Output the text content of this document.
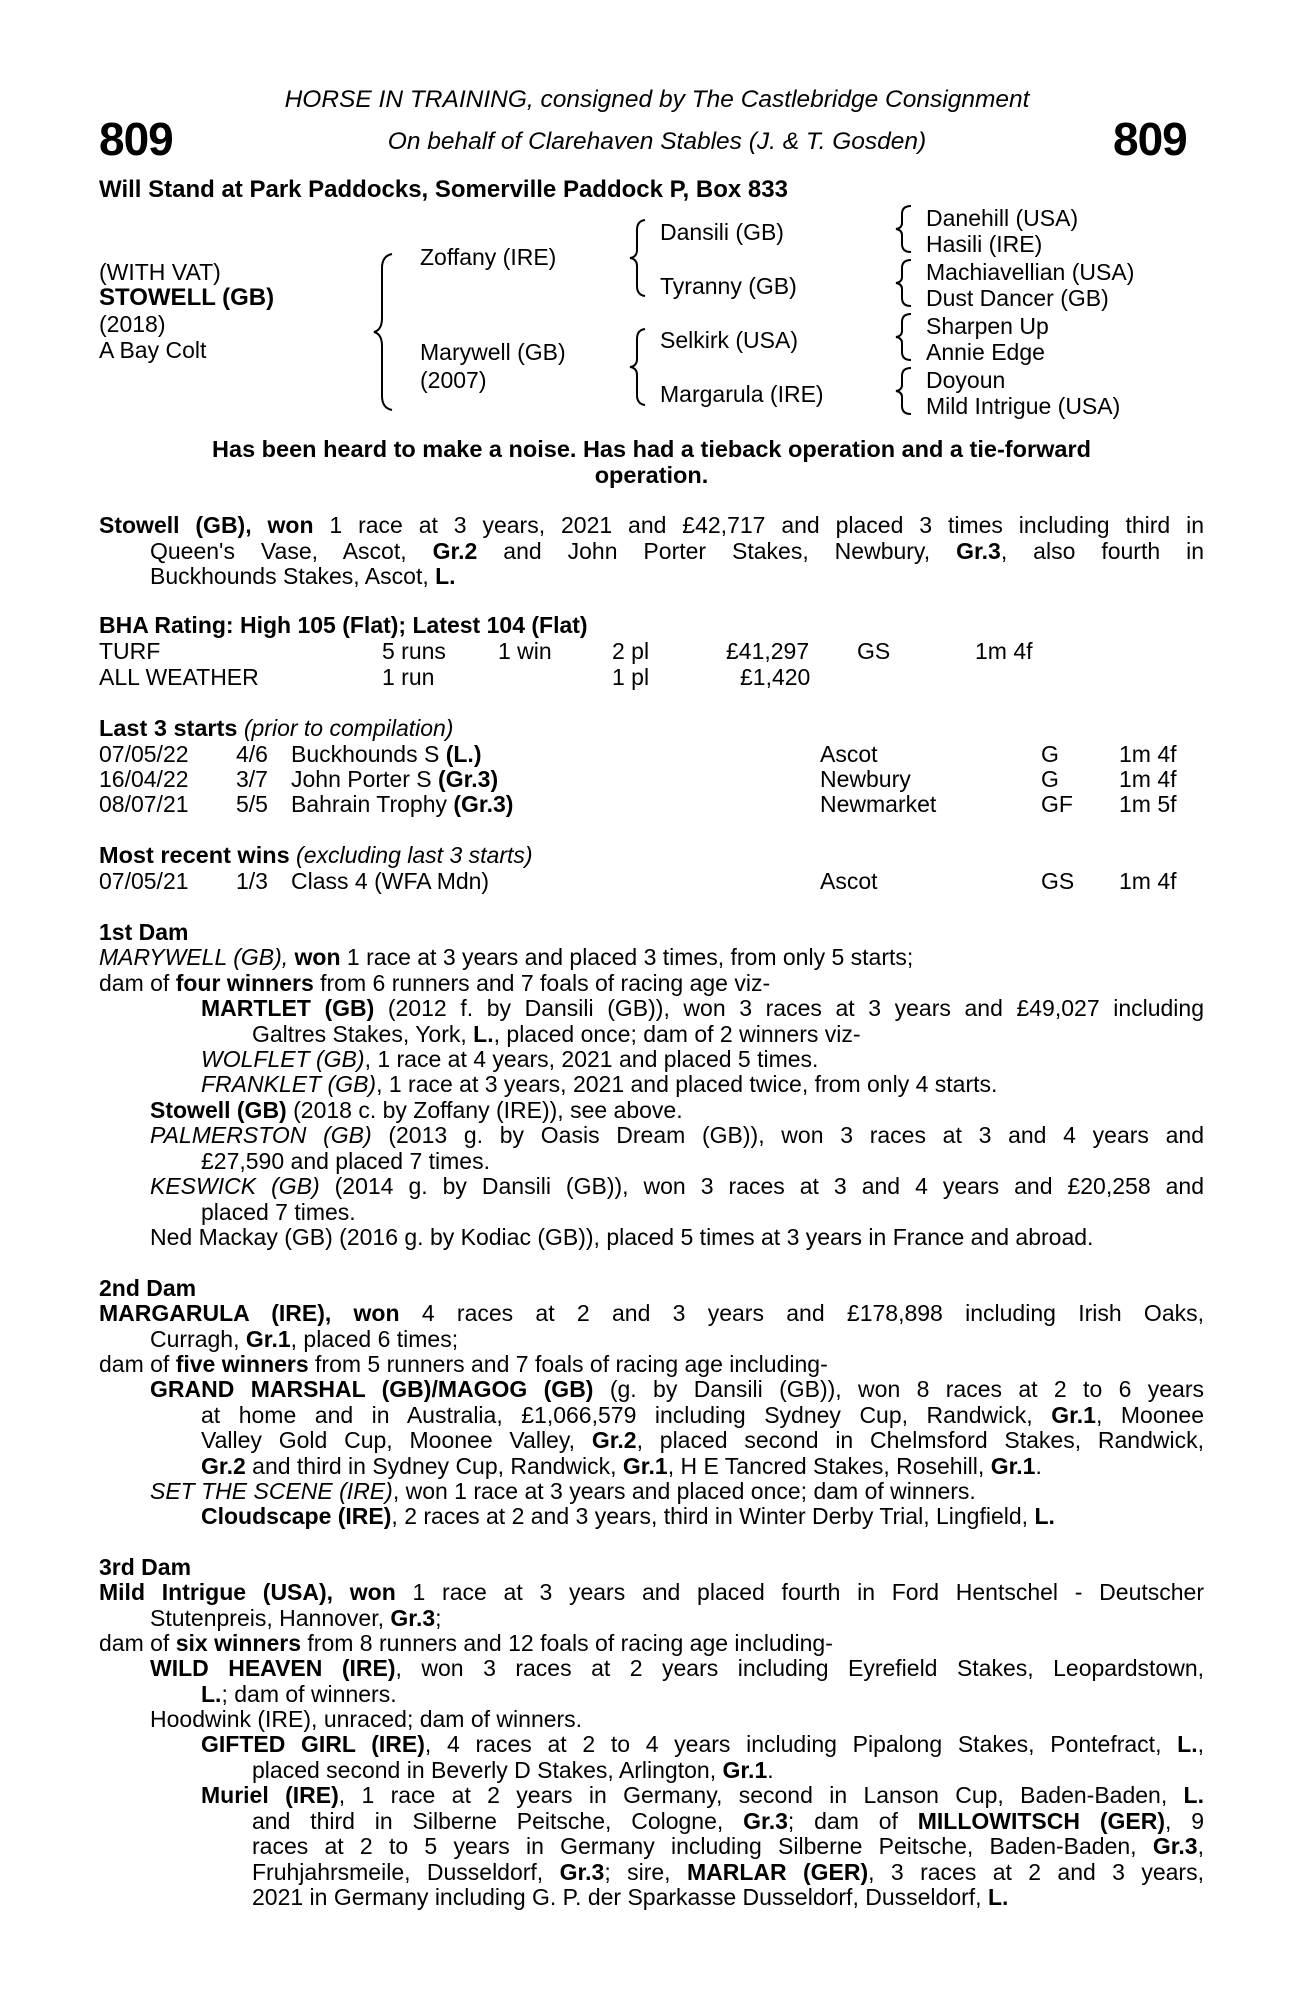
HORSE IN TRAINING, consigned by The Castlebridge Consignment
809	On behalf of Clarehaven Stables (J. & T. Gosden)	809
Will Stand at Park Paddocks, Somerville Paddock P, Box 833
(WITH VAT)
STOWELL (GB)
(2018)
A Bay Colt
Zoffany (IRE)
Marywell (GB)
(2007)
Dansili (GB)
Tyranny (GB)
Selkirk (USA)
Margarula (IRE)
Danehill (USA)
Hasili (IRE)
Machiavellian (USA)
Dust Dancer (GB)
Sharpen Up
Annie Edge
Doyoun
Mild Intrigue (USA)
Has been heard to make a noise. Has had a tieback operation and a tie-forward
operation.
Stowell (GB), won 1 race at 3 years, 2021 and £42,717 and placed 3 times including third in
Queen's Vase, Ascot, Gr.2 and John Porter Stakes, Newbury, Gr.3, also fourth in
Buckhounds Stakes, Ascot, L.
BHA Rating: High 105 (Flat); Latest 104 (Flat)
TURF	5 runs 1 win	2 pl	£41,297 GS	1m 4f
ALL WEATHER	1 run	1 pl	£1,420
Last 3 starts (prior to compilation)
07/05/22 4/6 Buckhounds S (L.)	Ascot	G	1m 4f
16/04/22 3/7 John Porter S (Gr.3)	Newbury	G	1m 4f
08/07/21 5/5 Bahrain Trophy (Gr.3)	Newmarket	GF 1m 5f
Most recent wins (excluding last 3 starts)
07/05/21 1/3 Class 4 (WFA Mdn)	Ascot	GS 1m 4f
1st Dam
MARYWELL (GB), won 1 race at 3 years and placed 3 times, from only 5 starts;
dam of four winners from 6 runners and 7 foals of racing age viz-
MARTLET (GB) (2012 f. by Dansili (GB)), won 3 races at 3 years and £49,027 including
Galtres Stakes, York, L., placed once; dam of 2 winners viz-
WOLFLET (GB), 1 race at 4 years, 2021 and placed 5 times.
FRANKLET (GB), 1 race at 3 years, 2021 and placed twice, from only 4 starts.
Stowell (GB) (2018 c. by Zoffany (IRE)), see above.
PALMERSTON (GB) (2013 g. by Oasis Dream (GB)), won 3 races at 3 and 4 years and
£27,590 and placed 7 times.
KESWICK (GB) (2014 g. by Dansili (GB)), won 3 races at 3 and 4 years and £20,258 and
placed 7 times.
Ned Mackay (GB) (2016 g. by Kodiac (GB)), placed 5 times at 3 years in France and abroad.
2nd Dam
MARGARULA (IRE), won 4 races at 2 and 3 years and £178,898 including Irish Oaks,
Curragh, Gr.1, placed 6 times;
dam of five winners from 5 runners and 7 foals of racing age including-
GRAND MARSHAL (GB)/MAGOG (GB) (g. by Dansili (GB)), won 8 races at 2 to 6 years
at home and in Australia, £1,066,579 including Sydney Cup, Randwick, Gr.1, Moonee
Valley Gold Cup, Moonee Valley, Gr.2, placed second in Chelmsford Stakes, Randwick,
Gr.2 and third in Sydney Cup, Randwick, Gr.1, H E Tancred Stakes, Rosehill, Gr.1.
SET THE SCENE (IRE), won 1 race at 3 years and placed once; dam of winners.
Cloudscape (IRE), 2 races at 2 and 3 years, third in Winter Derby Trial, Lingfield, L.
3rd Dam
Mild Intrigue (USA), won 1 race at 3 years and placed fourth in Ford Hentschel - Deutscher
Stutenpreis, Hannover, Gr.3;
dam of six winners from 8 runners and 12 foals of racing age including-
WILD HEAVEN (IRE), won 3 races at 2 years including Eyrefield Stakes, Leopardstown,
L.; dam of winners.
Hoodwink (IRE), unraced; dam of winners.
GIFTED GIRL (IRE), 4 races at 2 to 4 years including Pipalong Stakes, Pontefract, L.,
placed second in Beverly D Stakes, Arlington, Gr.1.
Muriel (IRE), 1 race at 2 years in Germany, second in Lanson Cup, Baden-Baden, L.
and third in Silberne Peitsche, Cologne, Gr.3; dam of MILLOWITSCH (GER), 9
races at 2 to 5 years in Germany including Silberne Peitsche, Baden-Baden, Gr.3,
Fruhjahrsmeile, Dusseldorf, Gr.3; sire, MARLAR (GER), 3 races at 2 and 3 years,
2021 in Germany including G. P. der Sparkasse Dusseldorf, Dusseldorf, L.
